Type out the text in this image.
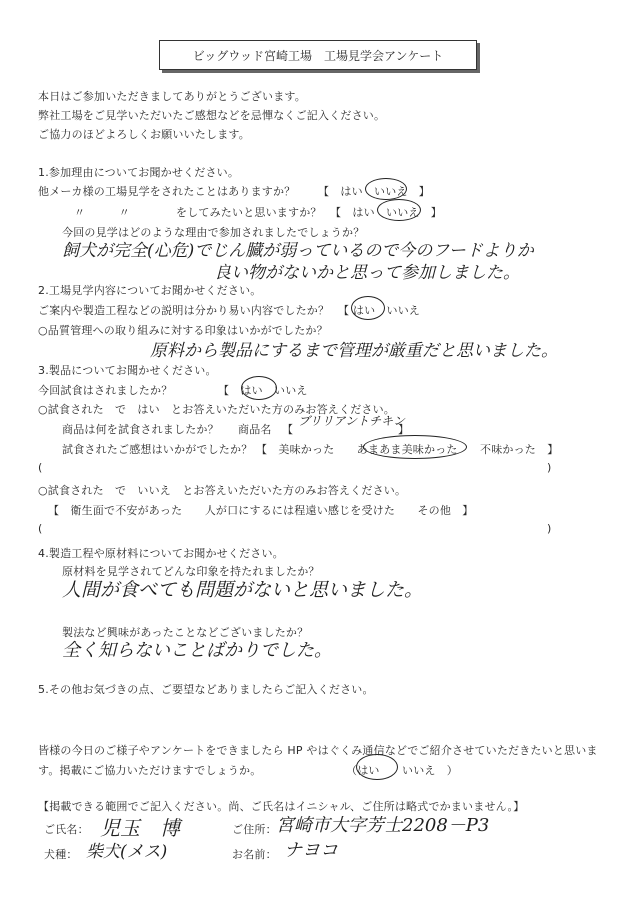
ビッグウッド宮崎工場　工場見学会アンケート
本日はご参加いただきましてありがとうございます。
弊社工場をご見学いただいたご感想などを忌憚なくご記入ください。
ご協力のほどよろしくお願いいたします。
1.参加理由についてお聞かせください。
他メーカ様の工場見学をされたことはありますか？ 【　はい　いいえ　】
〃　　　〃	をしてみたいと思いますか？ 【　はい　いいえ　】
今回の見学はどのような理由で参加されましたでしょうか？
飼犬が完全(心危)でじん臓が弱っているので今のフードよりか
良い物がないかと思って参加しました。
2.工場見学内容についてお聞かせください。
ご案内や製造工程などの説明は分かり易い内容でしたか？ 【 はい　いいえ
○品質管理への取り組みに対する印象はいかがでしたか？
原料から製品にするまで管理が厳重だと思いました。
3.製品についてお聞かせください。
今回試食はされましたか？	【　はい　いいえ
○試食された　で　はい　とお答えいただいた方のみお答えください。
商品は何を試食されましたか？ 商品名 【
ブリリアントチキン
】
試食されたご感想はいかがでしたか？ 【　美味かった　　あまあま美味かった　　不味かった　】
(	)
○試食された　で　いいえ　とお答えいただいた方のみお答えください。
【　衛生面で不安があった　　人が口にするには程遠い感じを受けた　　その他　】
(	)
4.製造工程や原材料についてお聞かせください。
原材料を見学されてどんな印象を持たれましたか？
人間が食べても問題がないと思いました。
製法など興味があったことなどございましたか？
全く知らないことばかりでした。
5.その他お気づきの点、ご要望などありましたらご記入ください。
皆様の今日のご様子やアンケートをできましたら HP やはぐくみ通信などでご紹介させていただきたいと思いま
す。掲載にご協力いただけますでしょうか。	（はい　　いいえ　）
【掲載できる範囲でご記入ください。尚、ご氏名はイニシャル、ご住所は略式でかまいません。】
ご氏名： 児玉　博	ご住所： 宮崎市大字芳士2208－P3
犬種： 柴犬(メス)	お名前： ナヨコ
